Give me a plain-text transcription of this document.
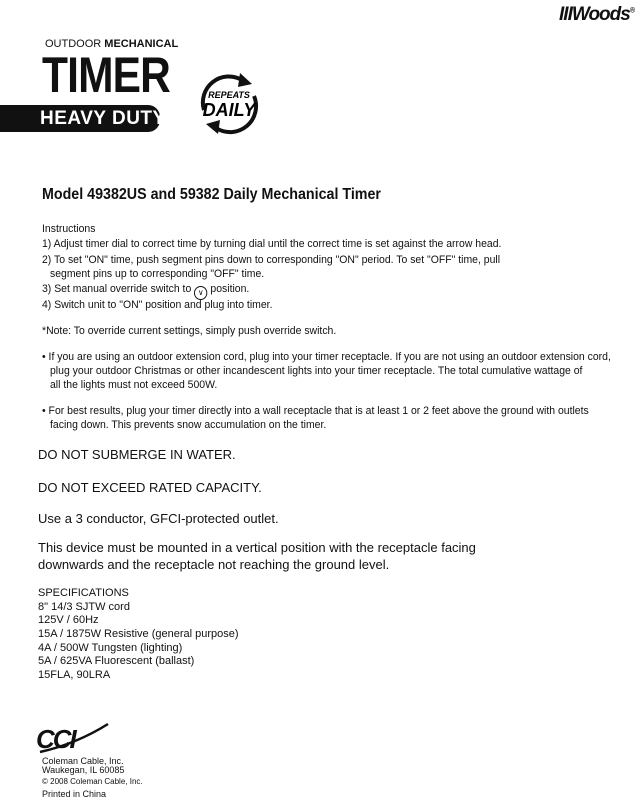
IIIWoods®
OUTDOOR MECHANICAL
TIMER
HEAVY DUTY
REPEATS
DAILY
Model 49382US and 59382 Daily Mechanical Timer
Instructions
1) Adjust timer dial to correct time by turning dial until the correct time is set against the arrow head.
2) To set "ON" time, push segment pins down to corresponding "ON" period. To set "OFF" time, pull
segment pins up to corresponding "OFF" time.
3) Set manual override switch to ∨ position.
4) Switch unit to "ON" position and plug into timer.
*Note: To override current settings, simply push override switch.
• If you are using an outdoor extension cord, plug into your timer receptacle. If you are not using an outdoor extension cord,
plug your outdoor Christmas or other incandescent lights into your timer receptacle. The total cumulative wattage of
all the lights must not exceed 500W.
• For best results, plug your timer directly into a wall receptacle that is at least 1 or 2 feet above the ground with outlets
facing down. This prevents snow accumulation on the timer.
DO NOT SUBMERGE IN WATER.
DO NOT EXCEED RATED CAPACITY.
Use a 3 conductor, GFCI-protected outlet.
This device must be mounted in a vertical position with the receptacle facing
downwards and the receptacle not reaching the ground level.
SPECIFICATIONS
8" 14/3 SJTW cord
125V / 60Hz
15A / 1875W Resistive (general purpose)
4A / 500W Tungsten (lighting)
5A / 625VA Fluorescent (ballast)
15FLA, 90LRA
CCI
Coleman Cable, Inc.
Waukegan, IL 60085
© 2008 Coleman Cable, Inc.
Printed in China
